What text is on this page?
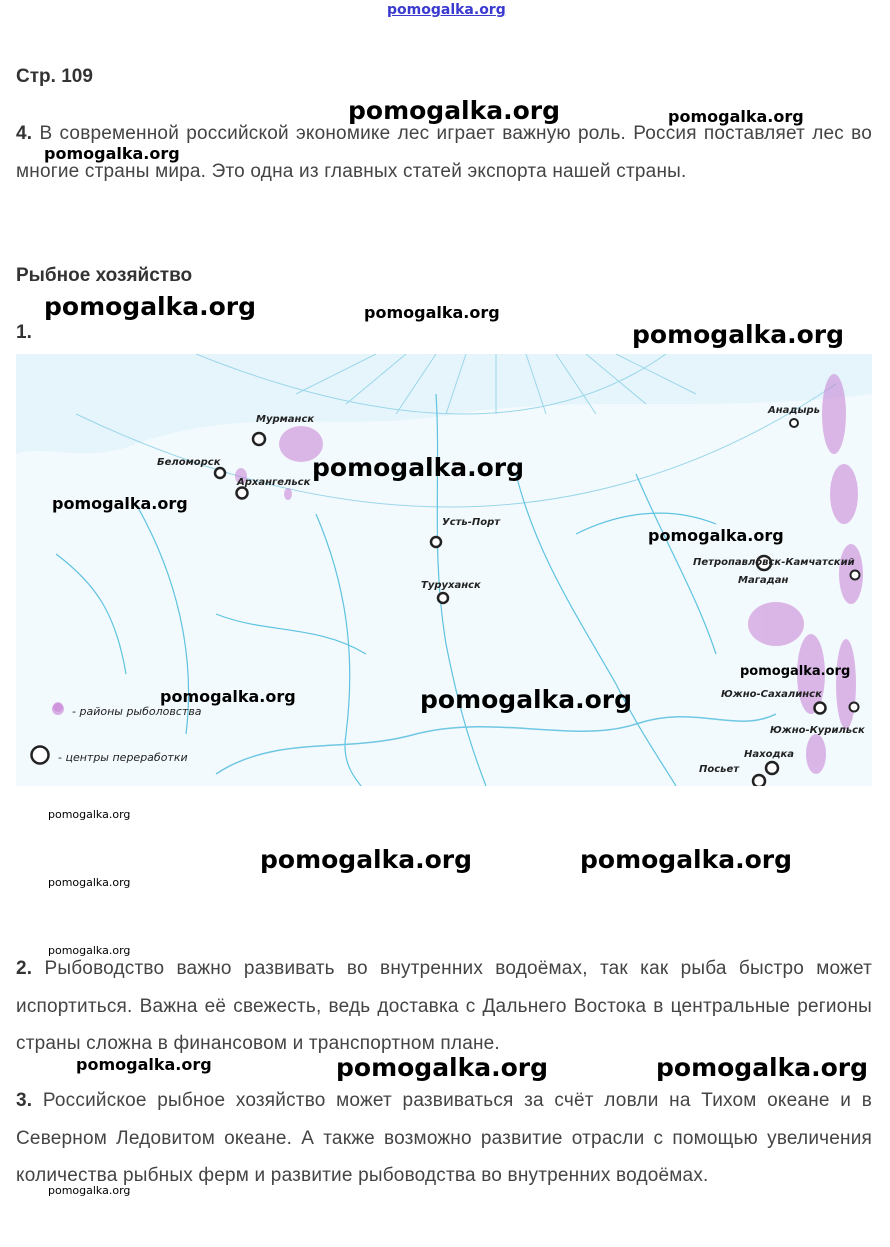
pomogalka.org
Стр. 109
4. В современной российской экономике лес играет важную роль. Россия поставляет лес во многие страны мира. Это одна из главных статей экспорта нашей страны.
Рыбное хозяйство
1.
Мурманск
Беломорск
Архангельск
Усть-Порт
Туруханск
Анадырь
Петропавловск-Камчатский
Магадан
Южно-Сахалинск
Южно-Курильск
Находка
Посьет
- районы рыболовства
- центры переработки
2. Рыбоводство важно развивать во внутренних водоёмах, так как рыба быстро может испортиться. Важна её свежесть, ведь доставка с Дальнего Востока в центральные регионы страны сложна в финансовом и транспортном плане.
3. Российское рыбное хозяйство может развиваться за счёт ловли на Тихом океане и в Северном Ледовитом океане. А также возможно развитие отрасли с помощью увеличения количества рыбных ферм и развитие рыбоводства во внутренних водоёмах.
pomogalka.org	pomogalka.org
pomogalka.org
pomogalka.org	pomogalka.org
pomogalka.org
pomogalka.org
pomogalka.org
pomogalka.org
pomogalka.org
pomogalka.org	pomogalka.org
pomogalka.org
pomogalka.org	pomogalka.org
pomogalka.org
pomogalka.org
pomogalka.org	pomogalka.org	pomogalka.org
pomogalka.org
